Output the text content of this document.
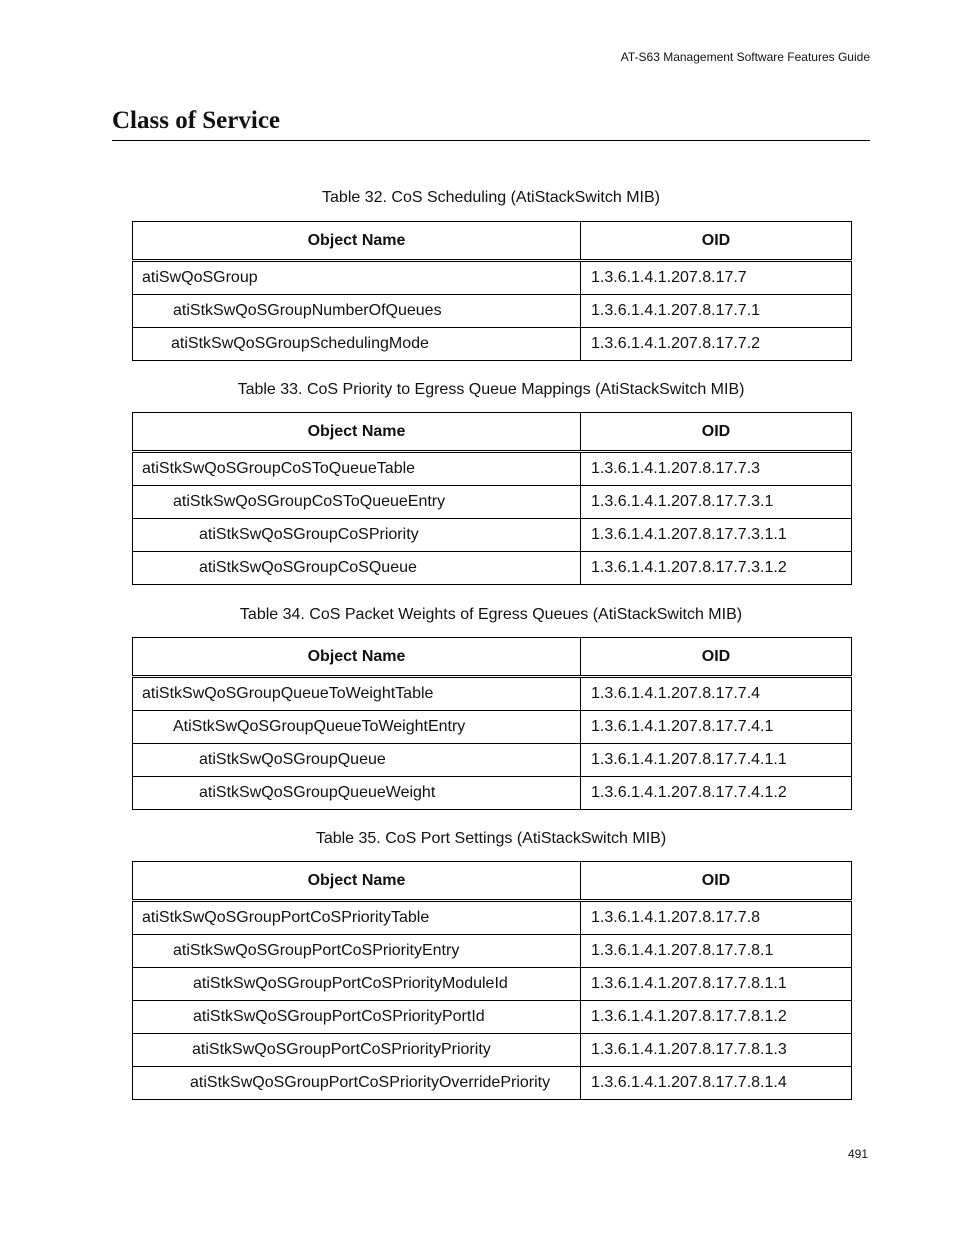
AT-S63 Management Software Features Guide
Class of Service
Table 32. CoS Scheduling (AtiStackSwitch MIB)
Object Name	OID
atiSwQoSGroup	1.3.6.1.4.1.207.8.17.7
atiStkSwQoSGroupNumberOfQueues	1.3.6.1.4.1.207.8.17.7.1
atiStkSwQoSGroupSchedulingMode	1.3.6.1.4.1.207.8.17.7.2
Table 33. CoS Priority to Egress Queue Mappings (AtiStackSwitch MIB)
Object Name	OID
atiStkSwQoSGroupCoSToQueueTable	1.3.6.1.4.1.207.8.17.7.3
atiStkSwQoSGroupCoSToQueueEntry	1.3.6.1.4.1.207.8.17.7.3.1
atiStkSwQoSGroupCoSPriority	1.3.6.1.4.1.207.8.17.7.3.1.1
atiStkSwQoSGroupCoSQueue	1.3.6.1.4.1.207.8.17.7.3.1.2
Table 34. CoS Packet Weights of Egress Queues (AtiStackSwitch MIB)
Object Name	OID
atiStkSwQoSGroupQueueToWeightTable	1.3.6.1.4.1.207.8.17.7.4
AtiStkSwQoSGroupQueueToWeightEntry	1.3.6.1.4.1.207.8.17.7.4.1
atiStkSwQoSGroupQueue	1.3.6.1.4.1.207.8.17.7.4.1.1
atiStkSwQoSGroupQueueWeight	1.3.6.1.4.1.207.8.17.7.4.1.2
Table 35. CoS Port Settings (AtiStackSwitch MIB)
Object Name	OID
atiStkSwQoSGroupPortCoSPriorityTable	1.3.6.1.4.1.207.8.17.7.8
atiStkSwQoSGroupPortCoSPriorityEntry	1.3.6.1.4.1.207.8.17.7.8.1
atiStkSwQoSGroupPortCoSPriorityModuleId	1.3.6.1.4.1.207.8.17.7.8.1.1
atiStkSwQoSGroupPortCoSPriorityPortId	1.3.6.1.4.1.207.8.17.7.8.1.2
atiStkSwQoSGroupPortCoSPriorityPriority	1.3.6.1.4.1.207.8.17.7.8.1.3
atiStkSwQoSGroupPortCoSPriorityOverridePriority	1.3.6.1.4.1.207.8.17.7.8.1.4
491
